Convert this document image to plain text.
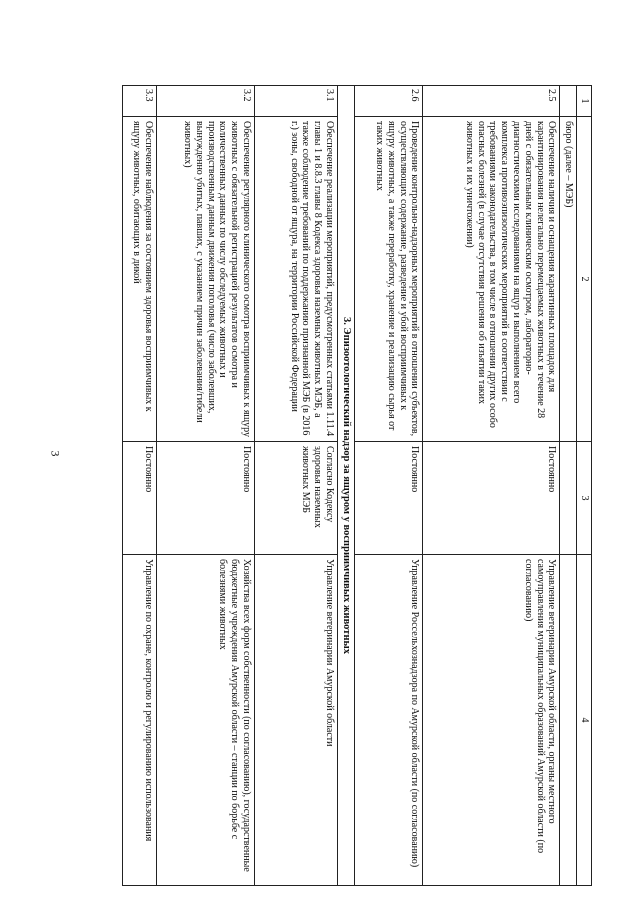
3
1	2	3	4
	бюро (далее – МЭБ)		
2.5	Обеспечение наличия и оснащения карантинных площадок для карантинирования нелегально перемещаемых животных в течение 28 дней с обязательным клиническим осмотром, лабораторно-диагностическими исследованиями на ящур и выполнением всего комплекса противоэпизоотических мероприятий в соответствии с требованиями законодательства, в том числе в отношении других особо опасных болезней (в случае отсутствия решения об изъятии таких животных и их уничтожении)	Постоянно	Управление ветеринарии Амурской области, органы местного самоуправления муниципальных образований Амурской области (по согласованию)
2.6	Проведение контрольно-надзорных мероприятий в отношении субъектов, осуществляющих содержание, разведение и убой восприимчивых к ящуру животных, а также переработку, хранение и реализацию сырья от таких животных	Постоянно	Управление Россельхознадзора по Амурской области (по согласованию)
3. Эпизоотологический надзор за ящуром у восприимчивых животных			
3.1	Обеспечение реализации мероприятий, предусмотренных статьями 1.11.4 главы 1 и 8.8.3 главы 8 Кодекса здоровья наземных животных МЭБ, а также соблюдение требований по поддержанию признанной МЭБ (в 2016 г.) зоны, свободной от ящура, на территории Российской Федерации	Согласно Кодексу здоровья наземных животных МЭБ	Управление ветеринарии Амурской области
3.2	Обеспечение регулярного клинического осмотра восприимчивых к ящуру животных с обязательной регистрацией результатов осмотра и количественных данных по числу обследуемых животных и производственным данным движения поголовья (число заболевших, вынужденно убитых, павших, с указанием причин заболевания/гибели животных)	Постоянно	Хозяйства всех форм собственности (по согласованию), государственные бюджетные учреждения Амурской области – станции по борьбе с болезнями животных
3.3	Обеспечение наблюдения за состоянием здоровья восприимчивых к ящуру животных, обитающих в дикой	Постоянно	Управление по охране, контролю и регулированию использования
